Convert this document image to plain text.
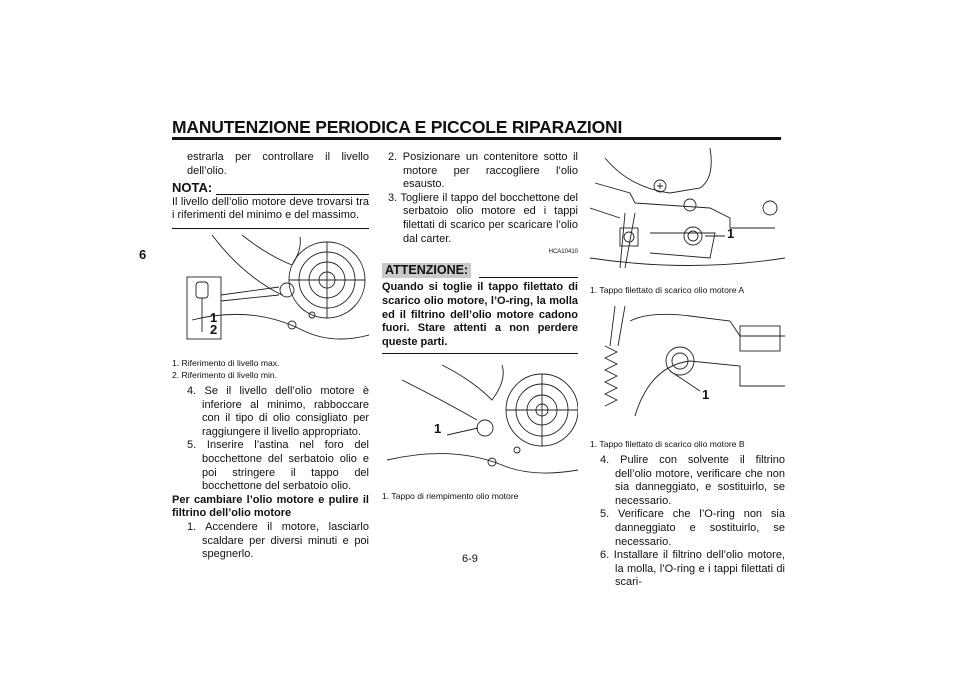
MANUTENZIONE PERIODICA E PICCOLE RIPARAZIONI
6
6-9

estrarla per controllare il livello dell’olio.

NOTA:

Il livello dell’olio motore deve trovarsi tra i riferimenti del minimo e del massimo.

1
2

1. Riferimento di livello max.

2. Riferimento di livello min.

4. Se il livello dell’olio motore è inferiore al minimo, rabboccare con il tipo di olio consigliato per raggiungere il livello appropriato.

5. Inserire l’astina nel foro del bocchettone del serbatoio olio e poi stringere il tappo del bocchettone del serbatoio olio.

Per cambiare l’olio motore e pulire il filtrino dell’olio motore

1. Accendere il motore, lasciarlo scaldare per diversi minuti e poi spegnerlo.

2. Posizionare un contenitore sotto il motore per raccogliere l’olio esausto.

3. Togliere il tappo del bocchettone del serbatoio olio motore ed i tappi filettati di scarico per scaricare l’olio dal carter.

HCA10410

ATTENZIONE:

Quando si toglie il tappo filettato di scarico olio motore, l’O-ring, la molla ed il filtrino dell’olio motore cadono fuori. Stare attenti a non perdere queste parti.

1

1. Tappo di riempimento olio motore

1

1. Tappo filettato di scarico olio motore A

1

1. Tappo filettato di scarico olio motore B

4. Pulire con solvente il filtrino dell’olio motore, verificare che non sia danneggiato, e sostituirlo, se necessario.

5. Verificare che l’O-ring non sia danneggiato e sostituirlo, se necessario.

6. Installare il filtrino dell’olio motore, la molla, l’O-ring e i tappi filettati di scari-
